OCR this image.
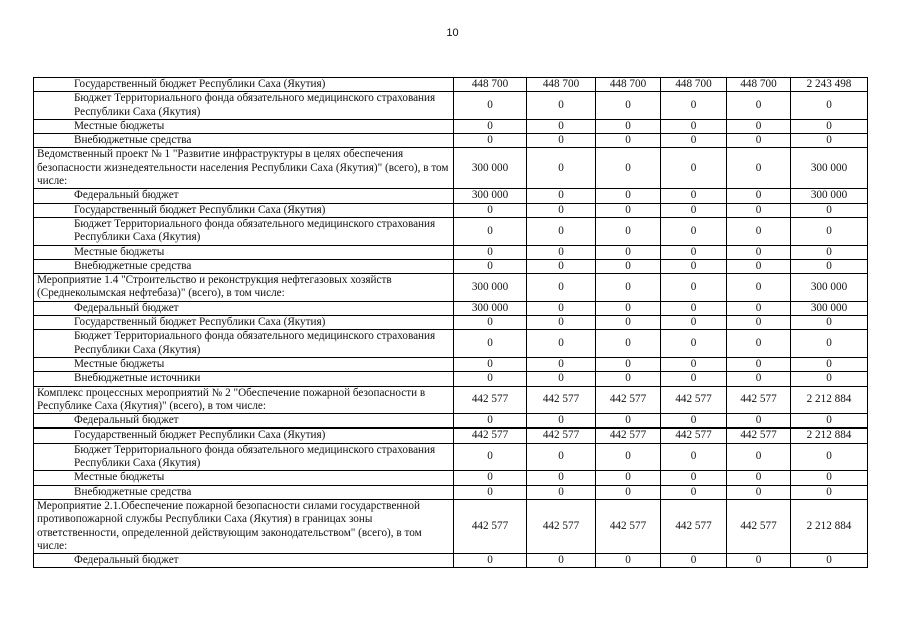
10
Государственный бюджет Республики Саха (Якутия)	448 700	448 700	448 700	448 700	448 700	2 243 498
Бюджет Территориального фонда обязательного медицинского страхования Республики Саха (Якутия)	0	0	0	0	0	0
Местные бюджеты	0	0	0	0	0	0
Внебюджетные средства	0	0	0	0	0	0
Ведомственный проект № 1 "Развитие инфраструктуры в целях обеспечения безопасности жизнедеятельности населения Республики Саха (Якутия)" (всего), в том числе:	300 000	0	0	0	0	300 000
Федеральный бюджет	300 000	0	0	0	0	300 000
Государственный бюджет Республики Саха (Якутия)	0	0	0	0	0	0
Бюджет Территориального фонда обязательного медицинского страхования Республики Саха (Якутия)	0	0	0	0	0	0
Местные бюджеты	0	0	0	0	0	0
Внебюджетные средства	0	0	0	0	0	0
Мероприятие 1.4 "Строительство и реконструкция нефтегазовых хозяйств (Среднеколымская нефтебаза)" (всего), в том числе:	300 000	0	0	0	0	300 000
Федеральный бюджет	300 000	0	0	0	0	300 000
Государственный бюджет Республики Саха (Якутия)	0	0	0	0	0	0
Бюджет Территориального фонда обязательного медицинского страхования Республики Саха (Якутия)	0	0	0	0	0	0
Местные бюджеты	0	0	0	0	0	0
Внебюджетные источники	0	0	0	0	0	0
Комплекс процессных мероприятий № 2 "Обеспечение пожарной безопасности в Республике Саха (Якутия)" (всего), в том числе:	442 577	442 577	442 577	442 577	442 577	2 212 884
Федеральный бюджет	0	0	0	0	0	0
Государственный бюджет Республики Саха (Якутия)	442 577	442 577	442 577	442 577	442 577	2 212 884
Бюджет Территориального фонда обязательного медицинского страхования Республики Саха (Якутия)	0	0	0	0	0	0
Местные бюджеты	0	0	0	0	0	0
Внебюджетные средства	0	0	0	0	0	0
Мероприятие 2.1.Обеспечение пожарной безопасности силами государственной противопожарной службы Республики Саха (Якутия) в границах зоны ответственности, определенной действующим законодательством" (всего), в том числе:	442 577	442 577	442 577	442 577	442 577	2 212 884
Федеральный бюджет	0	0	0	0	0	0
